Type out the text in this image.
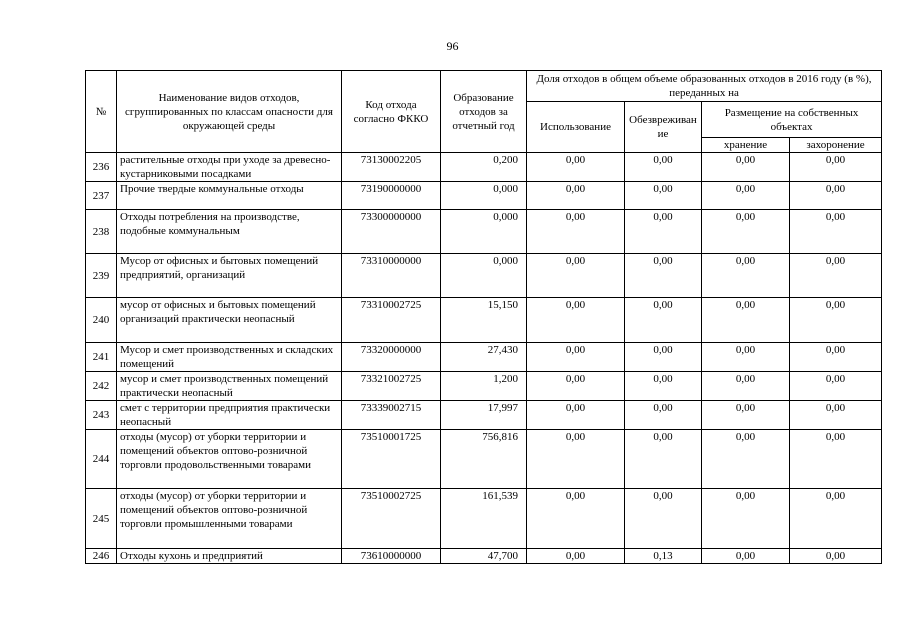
96
№	Наименование видов отходов, сгруппированных по классам опасности для окружающей среды	Код отхода согласно ФККО	Образование отходов за отчетный год	Доля отходов в общем объеме образованных отходов в 2016 году (в %), переданных на			
				Использование	Обезвреживание	Размещение на собственных объектах	
						хранение	захоронение
236	растительные отходы при уходе за древесно-кустарниковыми посадками	73130002205	0,200	0,00	0,00	0,00	0,00
237	Прочие твердые коммунальные отходы	73190000000	0,000	0,00	0,00	0,00	0,00
238	Отходы потребления на производстве, подобные коммунальным	73300000000	0,000	0,00	0,00	0,00	0,00
239	Мусор от офисных и бытовых помещений предприятий, организаций	73310000000	0,000	0,00	0,00	0,00	0,00
240	мусор от офисных и бытовых помещений организаций практически неопасный	73310002725	15,150	0,00	0,00	0,00	0,00
241	Мусор и смет производственных и складских помещений	73320000000	27,430	0,00	0,00	0,00	0,00
242	мусор и смет производственных помещений практически неопасный	73321002725	1,200	0,00	0,00	0,00	0,00
243	смет с территории предприятия практически неопасный	73339002715	17,997	0,00	0,00	0,00	0,00
244	отходы (мусор) от уборки территории и помещений объектов оптово-розничной торговли продовольственными товарами	73510001725	756,816	0,00	0,00	0,00	0,00
245	отходы (мусор) от уборки территории и помещений объектов оптово-розничной торговли промышленными товарами	73510002725	161,539	0,00	0,00	0,00	0,00
246	Отходы кухонь и предприятий	73610000000	47,700	0,00	0,13	0,00	0,00
